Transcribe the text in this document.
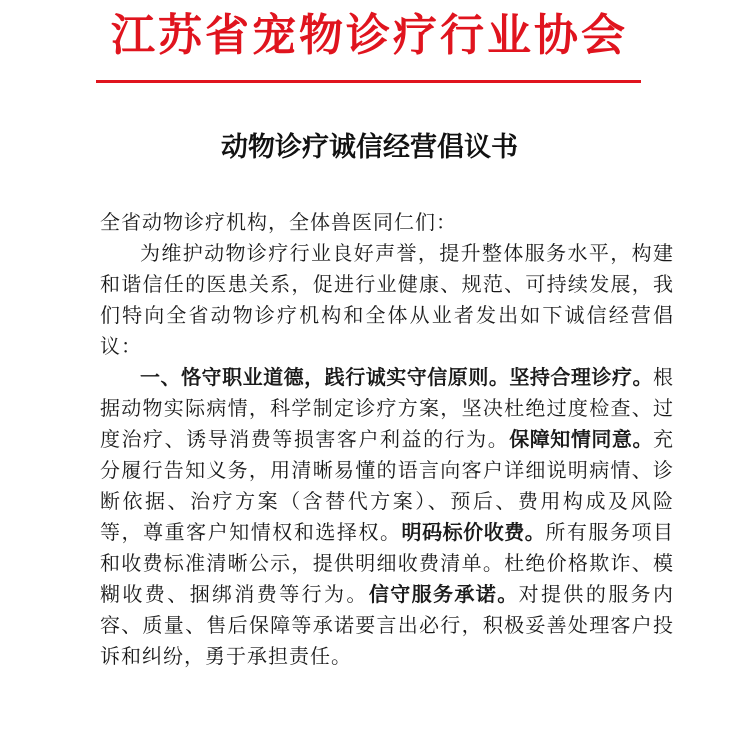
江苏省宠物诊疗行业协会
动物诊疗诚信经营倡议书

全省动物诊疗机构，全体兽医同仁们：

为维护动物诊疗行业良好声誉，提升整体服务水平，构建和谐信任的医患关系，促进行业健康、规范、可持续发展，我们特向全省动物诊疗机构和全体从业者发出如下诚信经营倡议：

一、恪守职业道德，践行诚实守信原则。坚持合理诊疗。根据动物实际病情，科学制定诊疗方案，坚决杜绝过度检查、过度治疗、诱导消费等损害客户利益的行为。保障知情同意。充分履行告知义务，用清晰易懂的语言向客户详细说明病情、诊断依据、治疗方案（含替代方案）、预后、费用构成及风险等，尊重客户知情权和选择权。明码标价收费。所有服务项目和收费标准清晰公示，提供明细收费清单。杜绝价格欺诈、模糊收费、捆绑消费等行为。信守服务承诺。对提供的服务内容、质量、售后保障等承诺要言出必行，积极妥善处理客户投诉和纠纷，勇于承担责任。
